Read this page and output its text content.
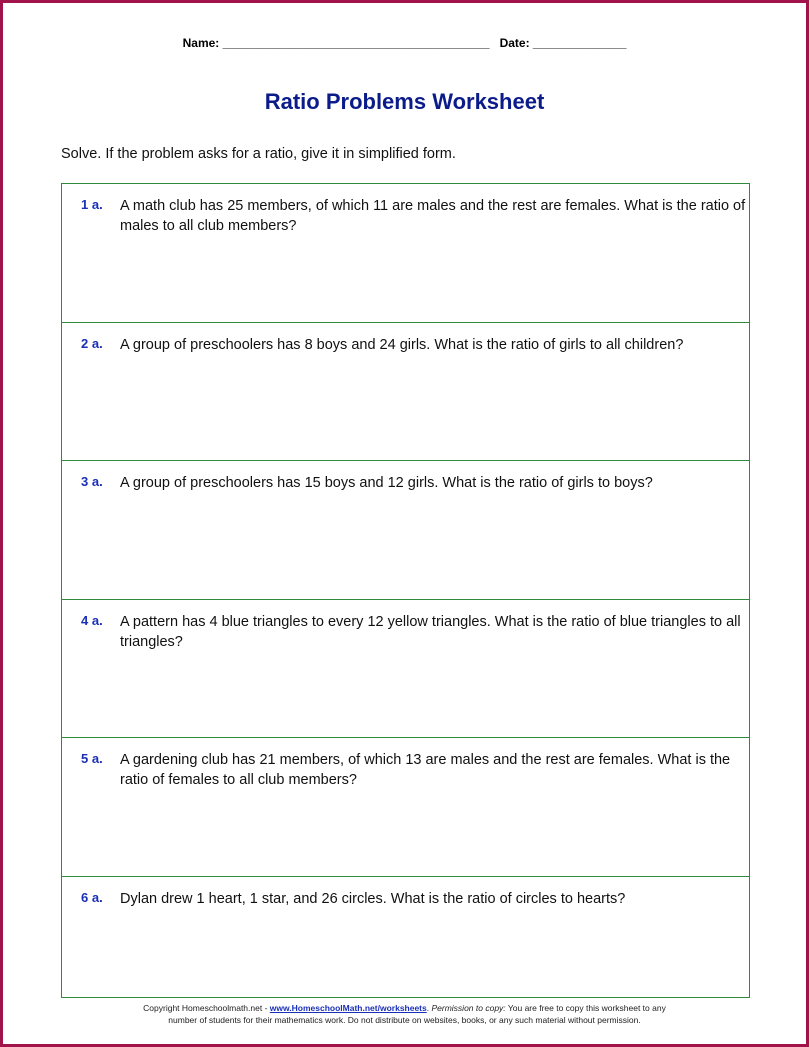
Name: ________________________________________ Date: ______________
Ratio Problems Worksheet
Solve. If the problem asks for a ratio, give it in simplified form.
1 a. A math club has 25 members, of which 11 are males and the rest are females. What is the ratio of males to all club members?
2 a. A group of preschoolers has 8 boys and 24 girls. What is the ratio of girls to all children?
3 a. A group of preschoolers has 15 boys and 12 girls. What is the ratio of girls to boys?
4 a. A pattern has 4 blue triangles to every 12 yellow triangles. What is the ratio of blue triangles to all triangles?
5 a. A gardening club has 21 members, of which 13 are males and the rest are females. What is the ratio of females to all club members?
6 a. Dylan drew 1 heart, 1 star, and 26 circles. What is the ratio of circles to hearts?
Copyright Homeschoolmath.net - www.HomeschoolMath.net/worksheets. Permission to copy: You are free to copy this worksheet to any
number of students for their mathematics work. Do not distribute on websites, books, or any such material without permission.
